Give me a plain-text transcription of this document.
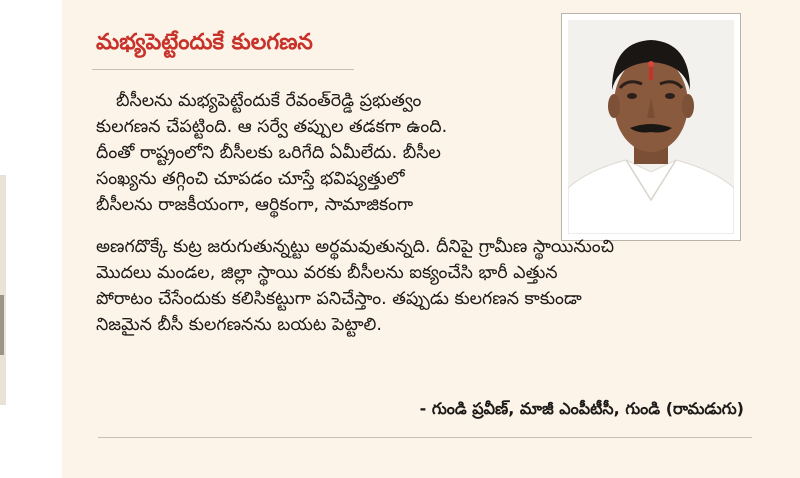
మభ్యపెట్టేందుకే కులగణన

బీసీలను మభ్యపెట్టేందుకే రేవంత్‌రెడ్డి ప్రభుత్వం

కులగణన చేపట్టింది. ఆ సర్వే తప్పుల తడకగా ఉంది.

దీంతో రాష్ట్రంలోని బీసీలకు ఒరిగేది ఏమీలేదు. బీసీల

సంఖ్యను తగ్గించి చూపడం చూస్తే భవిష్యత్తులో

బీసీలను రాజకీయంగా, ఆర్థికంగా, సామాజికంగా

అణగదొక్కే కుట్ర జరుగుతున్నట్టు అర్థమవుతున్నది. దీనిపై గ్రామీణ స్థాయినుంచి

మొదలు మండల, జిల్లా స్థాయి వరకు బీసీలను ఐక్యంచేసి భారీ ఎత్తున

పోరాటం చేసేందుకు కలిసికట్టుగా పనిచేస్తాం. తప్పుడు కులగణన కాకుండా

నిజమైన బీసీ కులగణనను బయట పెట్టాలి.

- గుండి ప్రవీణ్‌, మాజీ ఎంపీటీసీ, గుండి (రామడుగు)
